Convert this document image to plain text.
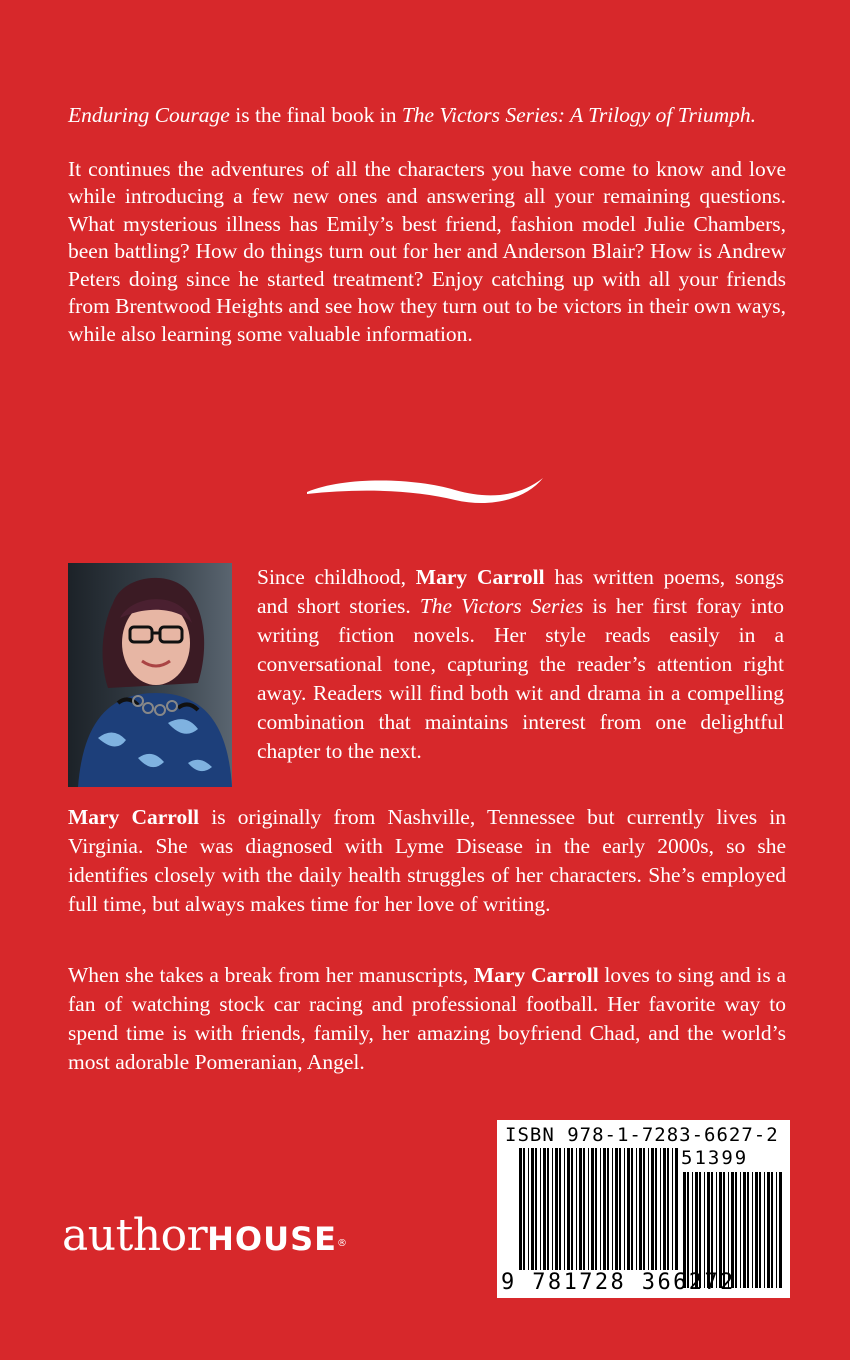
Enduring Courage is the final book in The Victors Series: A Trilogy of Triumph.

It continues the adventures of all the characters you have come to know and love while introducing a few new ones and answering all your remaining questions. What mysterious illness has Emily’s best friend, fashion model Julie Chambers, been battling? How do things turn out for her and Anderson Blair? How is Andrew Peters doing since he started treatment? Enjoy catching up with all your friends from Brentwood Heights and see how they turn out to be victors in their own ways, while also learning some valuable information.

Since childhood, Mary Carroll has written poems, songs and short stories. The Victors Series is her first foray into writing fiction novels. Her style reads easily in a conversational tone, capturing the reader’s attention right away. Readers will find both wit and drama in a compelling combination that maintains interest from one delightful chapter to the next.

Mary Carroll is originally from Nashville, Tennessee but currently lives in Virginia. She was diagnosed with Lyme Disease in the early 2000s, so she identifies closely with the daily health struggles of her characters. She’s employed full time, but always makes time for her love of writing.

When she takes a break from her manuscripts, Mary Carroll loves to sing and is a fan of watching stock car racing and professional football. Her favorite way to spend time is with friends, family, her amazing boyfriend Chad, and the world’s most adorable Pomeranian, Angel.

authorHOUSE®
ISBN 978-1-7283-6627-2
51399
9 781728 366272
